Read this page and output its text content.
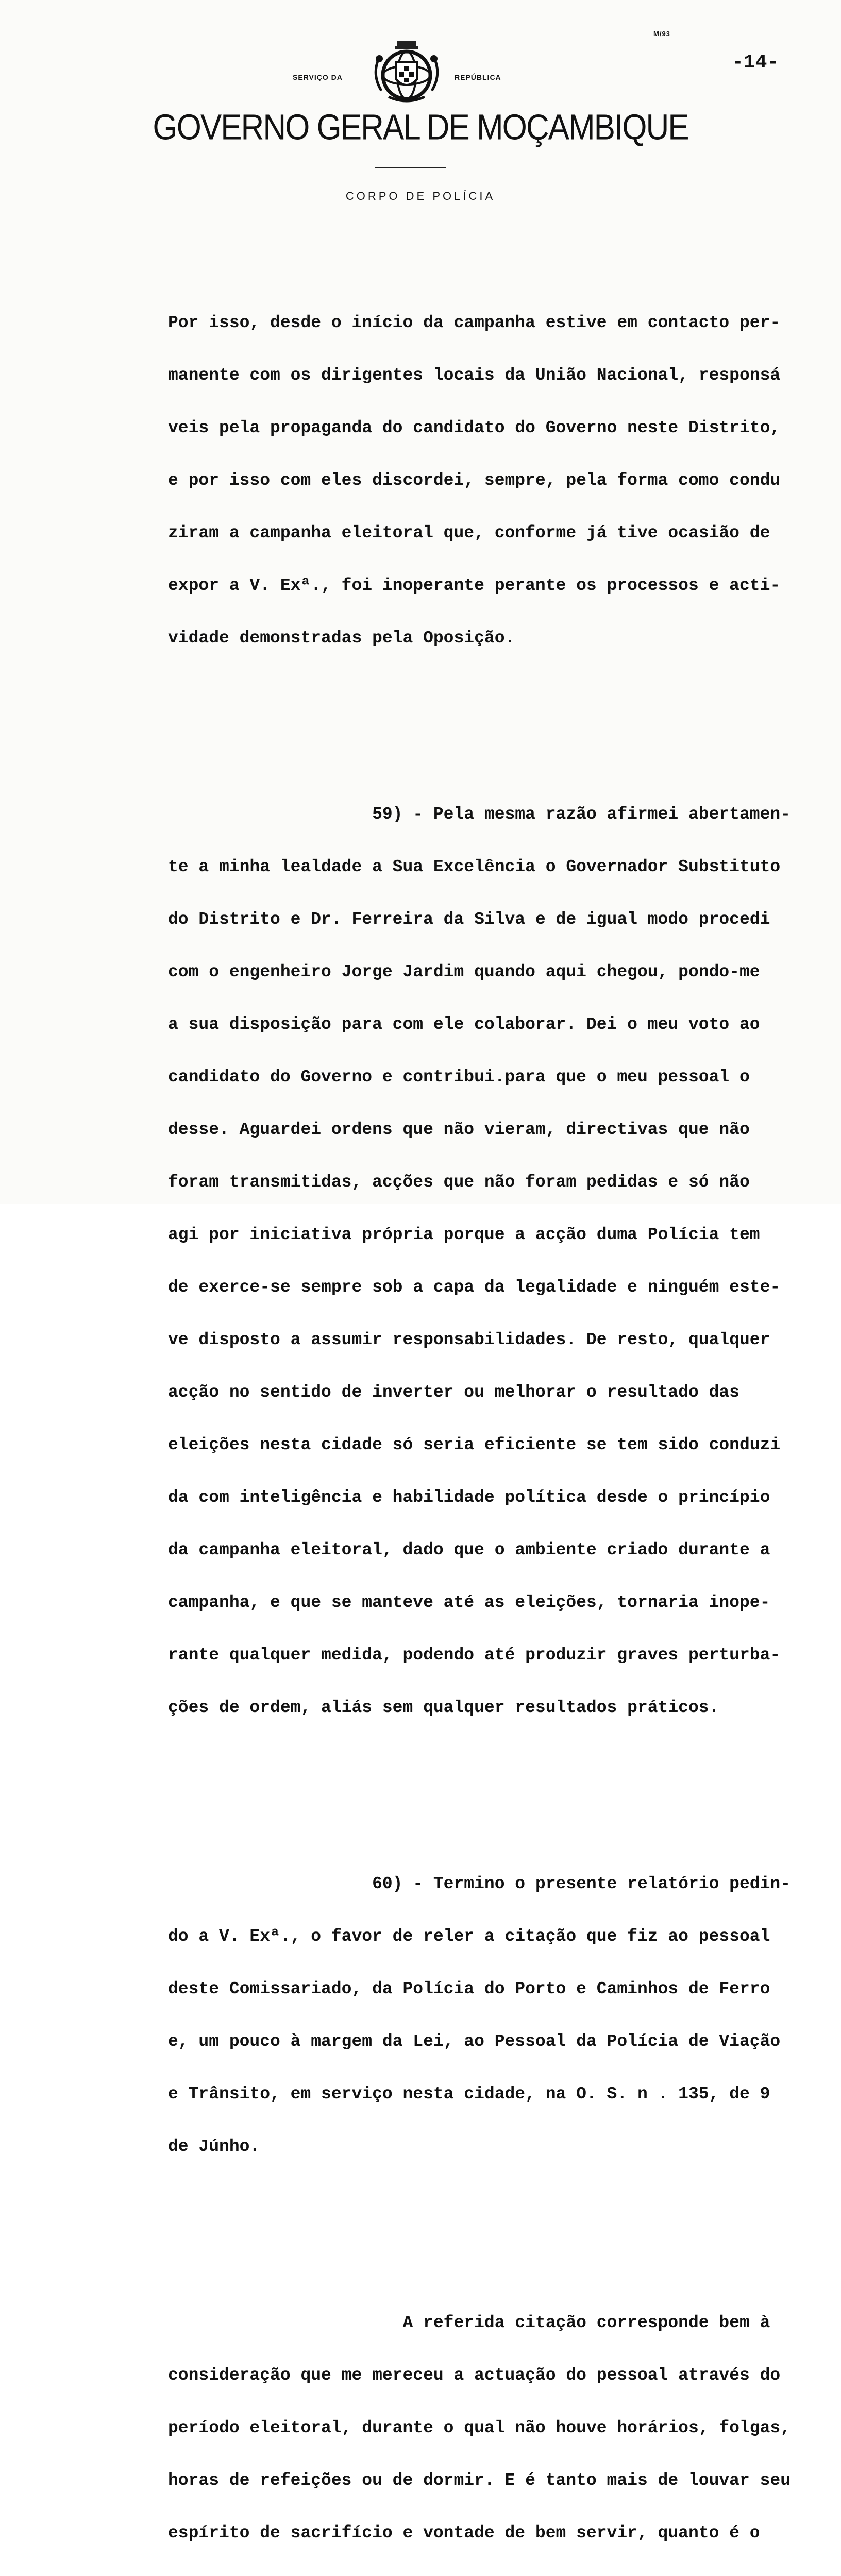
M/93
-14-
SERVIÇO DA	REPÚBLICA
GOVERNO GERAL DE MOÇAMBIQUE
CORPO DE POLÍCIA

Por isso, desde o início da campanha estive em contacto per-

manente com os dirigentes locais da União Nacional, responsá

veis pela propaganda do candidato do Governo neste Distrito,

e por isso com eles discordei, sempre, pela forma como condu

ziram a campanha eleitoral que, conforme já tive ocasião de

expor a V. Exª., foi inoperante perante os processos e acti-

vidade demonstradas pela Oposição.

59) - Pela mesma razão afirmei abertamen-

te a minha lealdade a Sua Excelência o Governador Substituto

do Distrito e Dr. Ferreira da Silva e de igual modo procedi

com o engenheiro Jorge Jardim quando aqui chegou, pondo-me

a sua disposição para com ele colaborar. Dei o meu voto ao

candidato do Governo e contribui.para que o meu pessoal o

desse. Aguardei ordens que não vieram, directivas que não

foram transmitidas, acções que não foram pedidas e só não

agi por iniciativa própria porque a acção duma Polícia tem

de exerce-se sempre sob a capa da legalidade e ninguém este-

ve disposto a assumir responsabilidades. De resto, qualquer

acção no sentido de inverter ou melhorar o resultado das

eleições nesta cidade só seria eficiente se tem sido conduzi

da com inteligência e habilidade política desde o princípio

da campanha eleitoral, dado que o ambiente criado durante a

campanha, e que se manteve até as eleições, tornaria inope-

rante qualquer medida, podendo até produzir graves perturba-

ções de ordem, aliás sem qualquer resultados práticos.

60) - Termino o presente relatório pedin-

do a V. Exª., o favor de reler a citação que fiz ao pessoal

deste Comissariado, da Polícia do Porto e Caminhos de Ferro

e, um pouco à margem da Lei, ao Pessoal da Polícia de Viação

e Trânsito, em serviço nesta cidade, na O. S. n . 135, de 9

de Júnho.

A referida citação corresponde bem à

consideração que me mereceu a actuação do pessoal através do

período eleitoral, durante o qual não houve horários, folgas,

horas de refeições ou de dormir. E é tanto mais de louvar seu

espírito de sacrifício e vontade de bem servir, quanto é o
